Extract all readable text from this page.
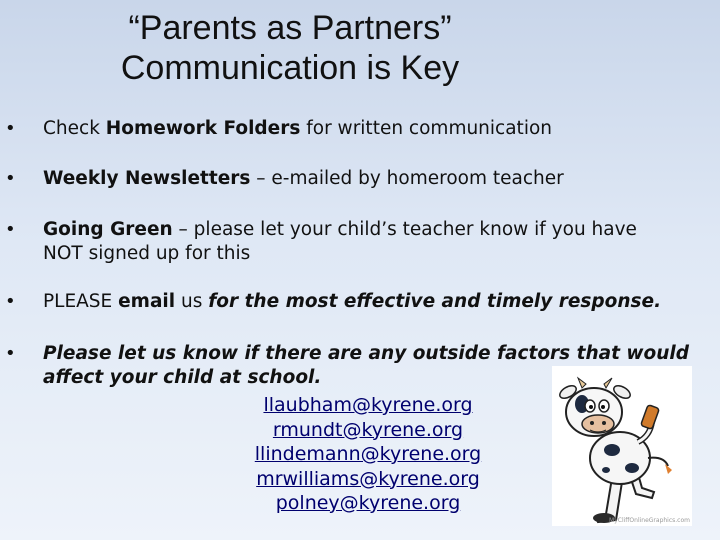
“Parents as Partners”
Communication is Key
• Check Homework Folders for written communication
• Weekly Newsletters – e-mailed by homeroom teacher
• Going Green – please let your child’s teacher know if you have
NOT signed up for this
• PLEASE email us for the most effective and timely response.
• Please let us know if there are any outside factors that would
affect your child at school.
llaubham@kyrene.org
rmundt@kyrene.org
llindemann@kyrene.org
mrwilliams@kyrene.org
polney@kyrene.org
MyCliffOnlineGraphics.com
